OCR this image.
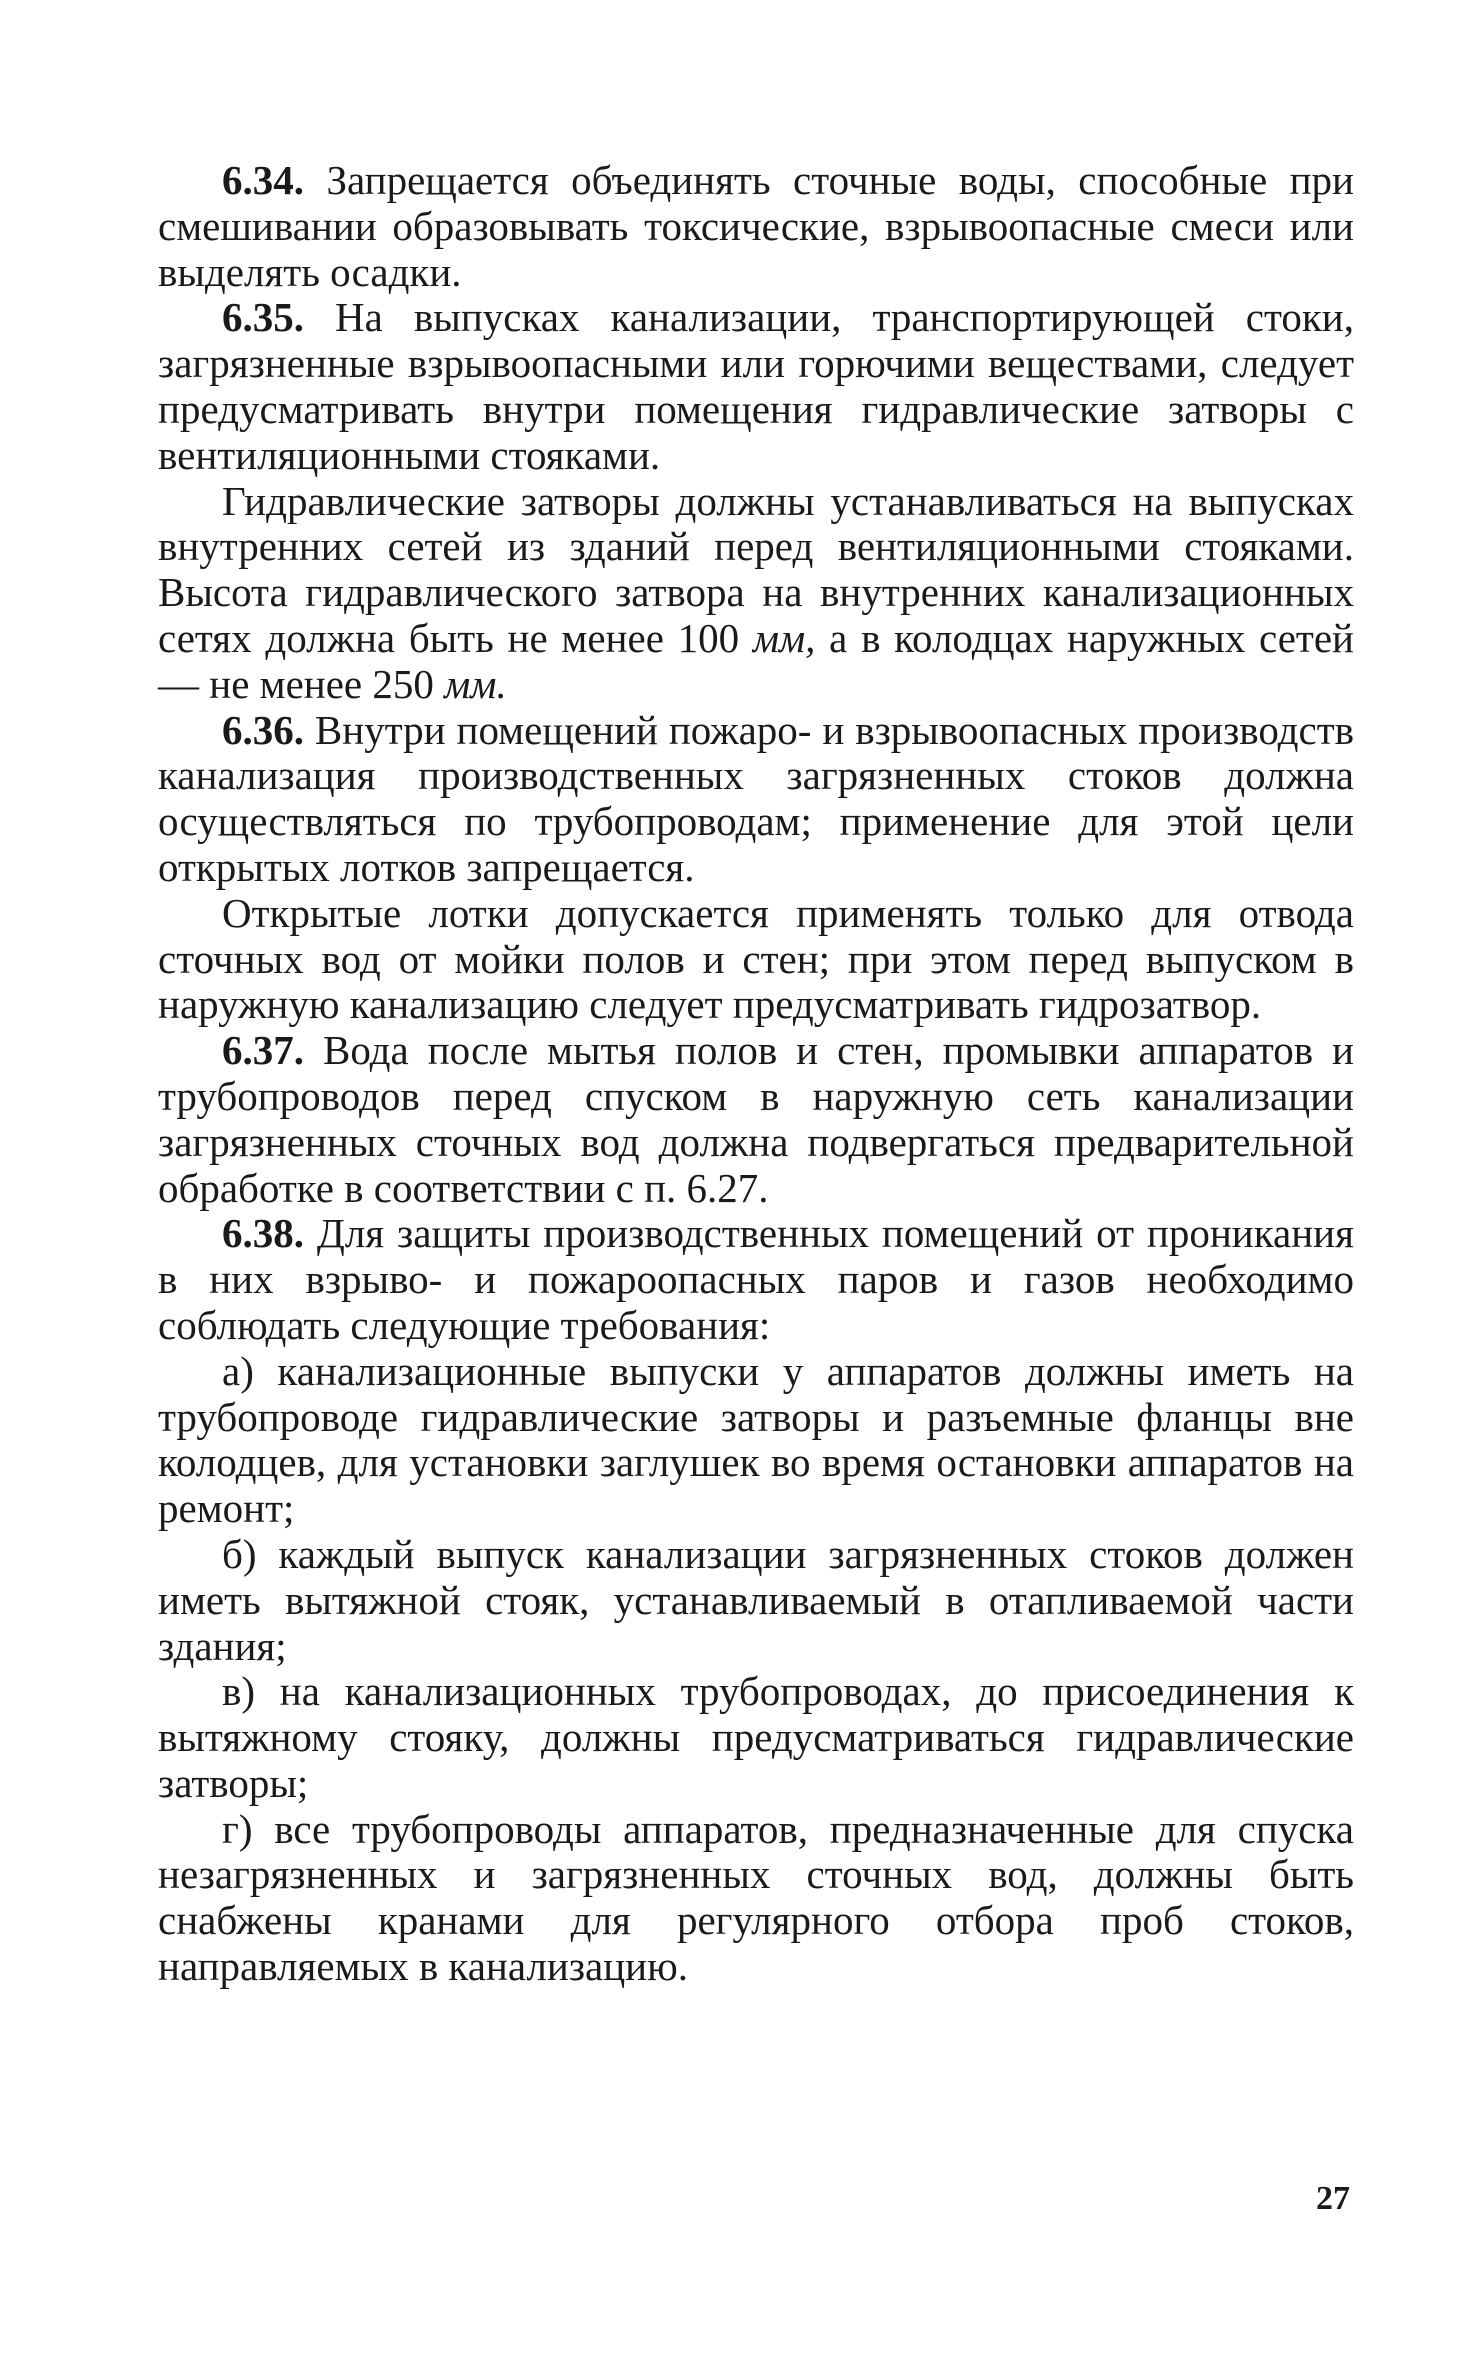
6.34. Запрещается объединять сточные воды, способные при смешивании образовывать токсические, взрывоопасные смеси или выделять осадки.

6.35. На выпусках канализации, транспортирующей стоки, загрязненные взрывоопасными или горючими веществами, следует предусматривать внутри помещения гидравлические затворы с вентиляционными стояками.

Гидравлические затворы должны устанавливаться на выпусках внутренних сетей из зданий перед вентиляционными стояками. Высота гидравлического затвора на внутренних канализационных сетях должна быть не менее 100 мм, а в колодцах наружных сетей — не менее 250 мм.

6.36. Внутри помещений пожаро- и взрывоопасных производств канализация производственных загрязненных стоков должна осуществляться по трубопроводам; применение для этой цели открытых лотков запрещается.

Открытые лотки допускается применять только для отвода сточных вод от мойки полов и стен; при этом перед выпуском в наружную канализацию следует предусматривать гидрозатвор.

6.37. Вода после мытья полов и стен, промывки аппаратов и трубопроводов перед спуском в наружную сеть канализации загрязненных сточных вод должна подвергаться предварительной обработке в соответствии с п. 6.27.

6.38. Для защиты производственных помещений от проникания в них взрыво- и пожароопасных паров и газов необходимо соблюдать следующие требования:

а) канализационные выпуски у аппаратов должны иметь на трубопроводе гидравлические затворы и разъемные фланцы вне колодцев, для установки заглушек во время остановки аппаратов на ремонт;

б) каждый выпуск канализации загрязненных стоков должен иметь вытяжной стояк, устанавливаемый в отапливаемой части здания;

в) на канализационных трубопроводах, до присоединения к вытяжному стояку, должны предусматриваться гидравлические затворы;

г) все трубопроводы аппаратов, предназначенные для спуска незагрязненных и загрязненных сточных вод, должны быть снабжены кранами для регулярного отбора проб стоков, направляемых в канализацию.

27
